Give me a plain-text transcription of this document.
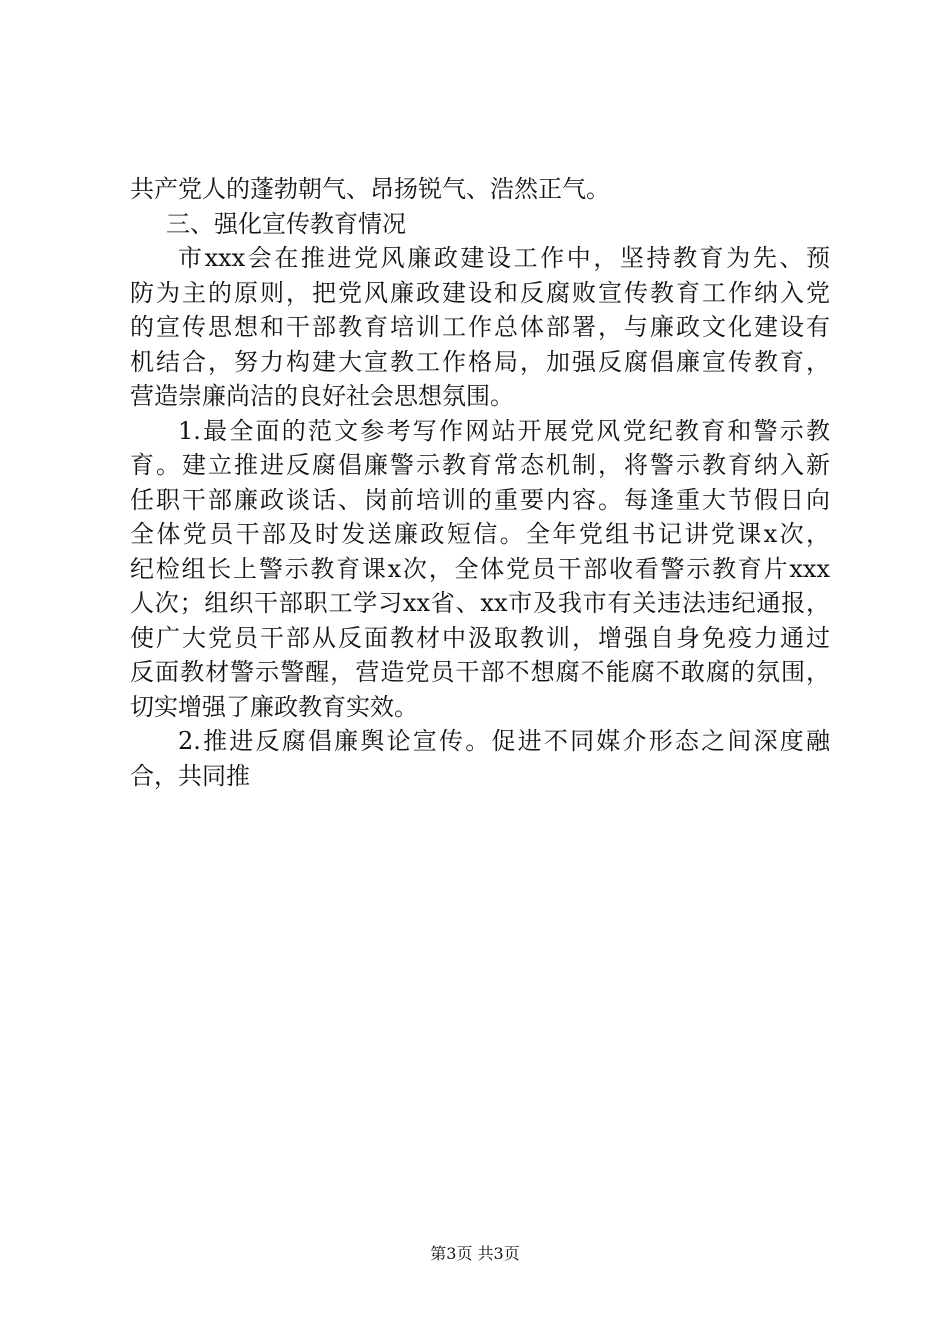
共产党人的蓬勃朝气、昂扬锐气、浩然正气。
三、强化宣传教育情况
市xxx会在推进党风廉政建设工作中，坚持教育为先、预
防为主的原则，把党风廉政建设和反腐败宣传教育工作纳入党
的宣传思想和干部教育培训工作总体部署，与廉政文化建设有
机结合，努力构建大宣教工作格局，加强反腐倡廉宣传教育，
营造崇廉尚洁的良好社会思想氛围。
1.最全面的范文参考写作网站开展党风党纪教育和警示教
育。建立推进反腐倡廉警示教育常态机制，将警示教育纳入新
任职干部廉政谈话、岗前培训的重要内容。每逢重大节假日向
全体党员干部及时发送廉政短信。全年党组书记讲党课x次，
纪检组长上警示教育课x次，全体党员干部收看警示教育片xxx
人次；组织干部职工学习xx省、xx市及我市有关违法违纪通报，
使广大党员干部从反面教材中汲取教训，增强自身免疫力通过
反面教材警示警醒，营造党员干部不想腐不能腐不敢腐的氛围，
切实增强了廉政教育实效。
2.推进反腐倡廉舆论宣传。促进不同媒介形态之间深度融
合，共同推
第3页 共3页
